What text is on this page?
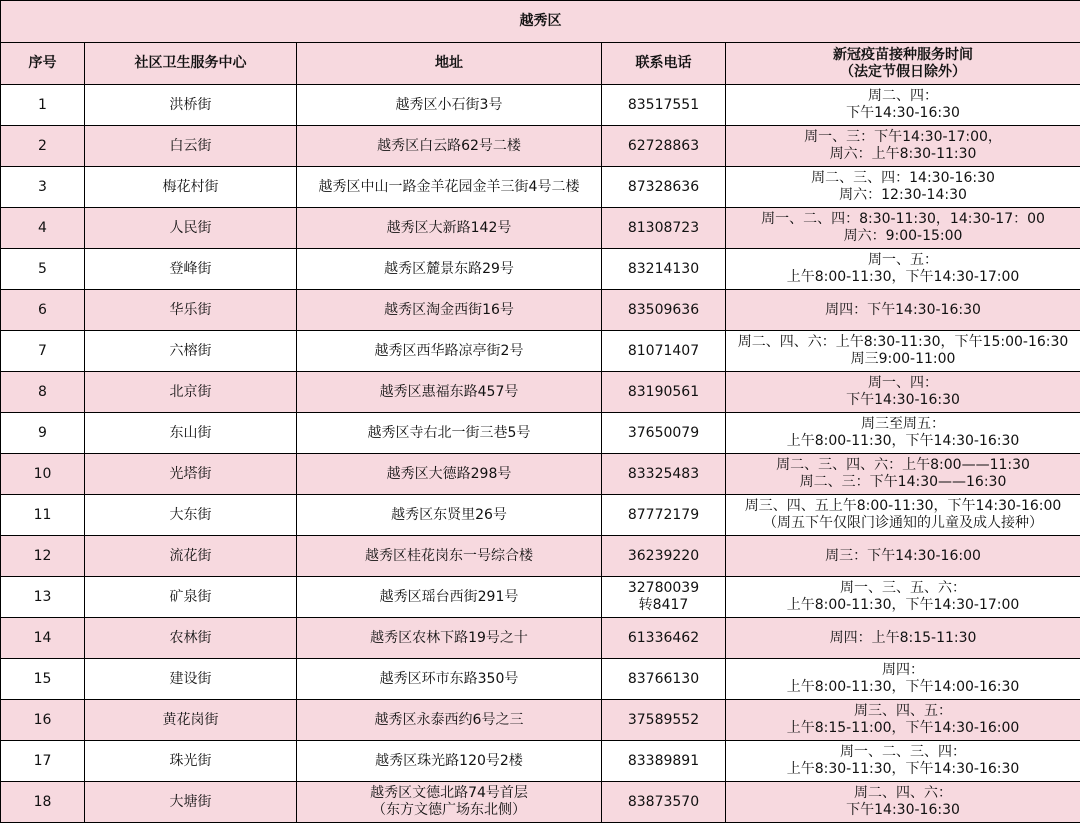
越秀区				
序号	社区卫生服务中心	地址	联系电话	新冠疫苗接种服务时间
（法定节假日除外）

1	洪桥街	越秀区小石街3号	83517551	周二、四：
下午14:30-16:30

2	白云街	越秀区白云路62号二楼	62728863	周一、三：下午14:30-17:00，
周六：上午8:30-11:30

3	梅花村街	越秀区中山一路金羊花园金羊三街4号二楼	87328636	周二、三、四：14:30-16:30
周六：12:30-14:30

4	人民街	越秀区大新路142号	81308723	周一、二、四：8:30-11:30，14:30-17：00
周六：9:00-15:00

5	登峰街	越秀区麓景东路29号	83214130	周一、五：
上午8:00-11:30，下午14:30-17:00

6	华乐街	越秀区淘金西街16号	83509636	周四：下午14:30-16:30

7	六榕街	越秀区西华路凉亭街2号	81071407	周二、四、六：上午8:30-11:30，下午15:00-16:30
周三9:00-11:00

8	北京街	越秀区惠福东路457号	83190561	周一、四：
下午14:30-16:30

9	东山街	越秀区寺右北一街三巷5号	37650079	周三至周五：
上午8:00-11:30，下午14:30-16:30

10	光塔街	越秀区大德路298号	83325483	周二、三、四、六：上午8:00——11:30
周二、三：下午14:30——16:30

11	大东街	越秀区东贤里26号	87772179	周三、四、五上午8:00-11:30，下午14:30-16:00
（周五下午仅限门诊通知的儿童及成人接种）

12	流花街	越秀区桂花岗东一号综合楼	36239220	周三：下午14:30-16:00

13	矿泉街	越秀区瑶台西街291号	32780039
转8417	周一、三、五、六：
上午8:00-11:30，下午14:30-17:00

14	农林街	越秀区农林下路19号之十	61336462	周四：上午8:15-11:30

15	建设街	越秀区环市东路350号	83766130	周四：
上午8:00-11:30，下午14:00-16:30

16	黄花岗街	越秀区永泰西约6号之三	37589552	周三、四、五：
上午8:15-11:00，下午14:30-16:00

17	珠光街	越秀区珠光路120号2楼	83389891	周一、二、三、四：
上午8:30-11:30，下午14:30-16:30

18	大塘街	越秀区文德北路74号首层
（东方文德广场东北侧）	83873570	周二、四、六：
下午14:30-16:30
